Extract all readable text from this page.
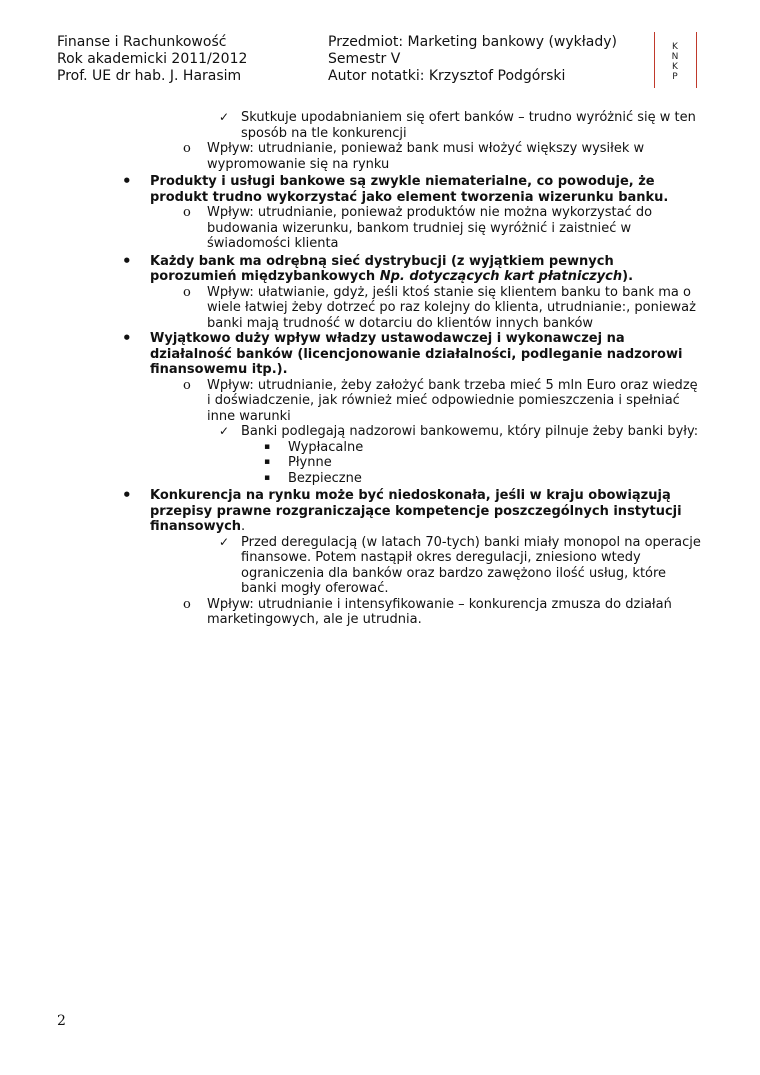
Finanse i Rachunkowość
Rok akademicki 2011/2012
Prof. UE dr hab. J. Harasim
Przedmiot: Marketing bankowy (wykłady)
Semestr V
Autor notatki: Krzysztof Podgórski
K
N
K
P

✓ Skutkuje upodabnianiem się ofert banków – trudno wyróżnić się w ten sposób na tle konkurencji

o Wpływ: utrudnianie, ponieważ bank musi włożyć większy wysiłek w wypromowanie się na rynku

• Produkty i usługi bankowe są zwykle niematerialne, co powoduje, że produkt trudno wykorzystać jako element tworzenia wizerunku banku.

o Wpływ: utrudnianie, ponieważ produktów nie można wykorzystać do budowania wizerunku, bankom trudniej się wyróżnić i zaistnieć w świadomości klienta

• Każdy bank ma odrębną sieć dystrybucji (z wyjątkiem pewnych porozumień międzybankowych Np. dotyczących kart płatniczych).

o Wpływ: ułatwianie, gdyż, jeśli ktoś stanie się klientem banku to bank ma o wiele łatwiej żeby dotrzeć po raz kolejny do klienta, utrudnianie:, ponieważ banki mają trudność w dotarciu do klientów innych banków

• Wyjątkowo duży wpływ władzy ustawodawczej i wykonawczej na działalność banków (licencjonowanie działalności, podleganie nadzorowi finansowemu itp.).

o Wpływ: utrudnianie, żeby założyć bank trzeba mieć 5 mln Euro oraz wiedzę i doświadczenie, jak również mieć odpowiednie pomieszczenia i spełniać inne warunki

✓ Banki podlegają nadzorowi bankowemu, który pilnuje żeby banki były:

▪ Wypłacalne

▪ Płynne

▪ Bezpieczne

• Konkurencja na rynku może być niedoskonała, jeśli w kraju obowiązują przepisy prawne rozgraniczające kompetencje poszczególnych instytucji finansowych.

✓ Przed deregulacją (w latach 70-tych) banki miały monopol na operacje finansowe. Potem nastąpił okres deregulacji, zniesiono wtedy ograniczenia dla banków oraz bardzo zawężono ilość usług, które banki mogły oferować.

o Wpływ: utrudnianie i intensyfikowanie – konkurencja zmusza do działań marketingowych, ale je utrudnia.

2
